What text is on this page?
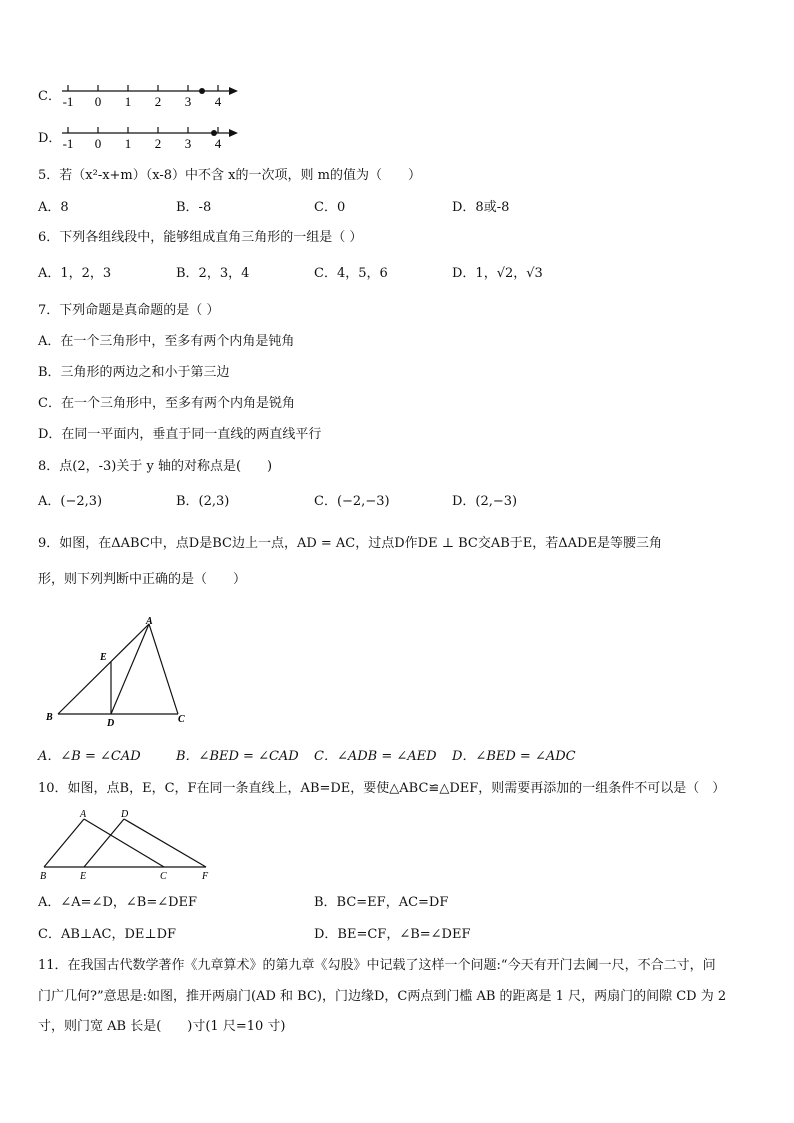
C． -1 0 1 2 3 4
D． -1 0 1 2 3 4
5．若（x²-x+m）（x-8）中不含 x的一次项，则 m的值为（　　）
A．8	B．-8	C．0	D．8或-8
6．下列各组线段中，能够组成直角三角形的一组是（ ）
A．1，2，3	B．2，3，4	C．4，5，6	D．1，√2，√3
7．下列命题是真命题的是（ ）
A．在一个三角形中，至多有两个内角是钝角
B．三角形的两边之和小于第三边
C．在一个三角形中，至多有两个内角是锐角
D．在同一平面内，垂直于同一直线的两直线平行
8．点(2，-3)关于 y 轴的对称点是(　　)
A．(−2,3)	B．(2,3)	C．(−2,−3)	D．(2,−3)
9．如图，在ΔABC中，点D是BC边上一点，AD = AC，过点D作DE ⊥ BC交AB于E，若ΔADE是等腰三角
形，则下列判断中正确的是（　　）
A
E
B
D	C
A．∠B = ∠CAD	B．∠BED = ∠CAD C．∠ADB = ∠AED D．∠BED = ∠ADC
10．如图，点B，E，C，F在同一条直线上，AB=DE，要使△ABC≌△DEF，则需要再添加的一组条件不可以是（　）
A	D
B	E	C	F
A．∠A=∠D，∠B=∠DEF	B．BC=EF，AC=DF
C．AB⊥AC，DE⊥DF	D．BE=CF，∠B=∠DEF
11．在我国古代数学著作《九章算术》的第九章《勾股》中记载了这样一个问题:“今天有开门去阃一尺，不合二寸，问
门广几何?”意思是:如图，推开两扇门(AD 和 BC)，门边缘D，C两点到门槛 AB 的距离是 1 尺，两扇门的间隙 CD 为 2
寸，则门宽 AB 长是(　　)寸(1 尺=10 寸)
